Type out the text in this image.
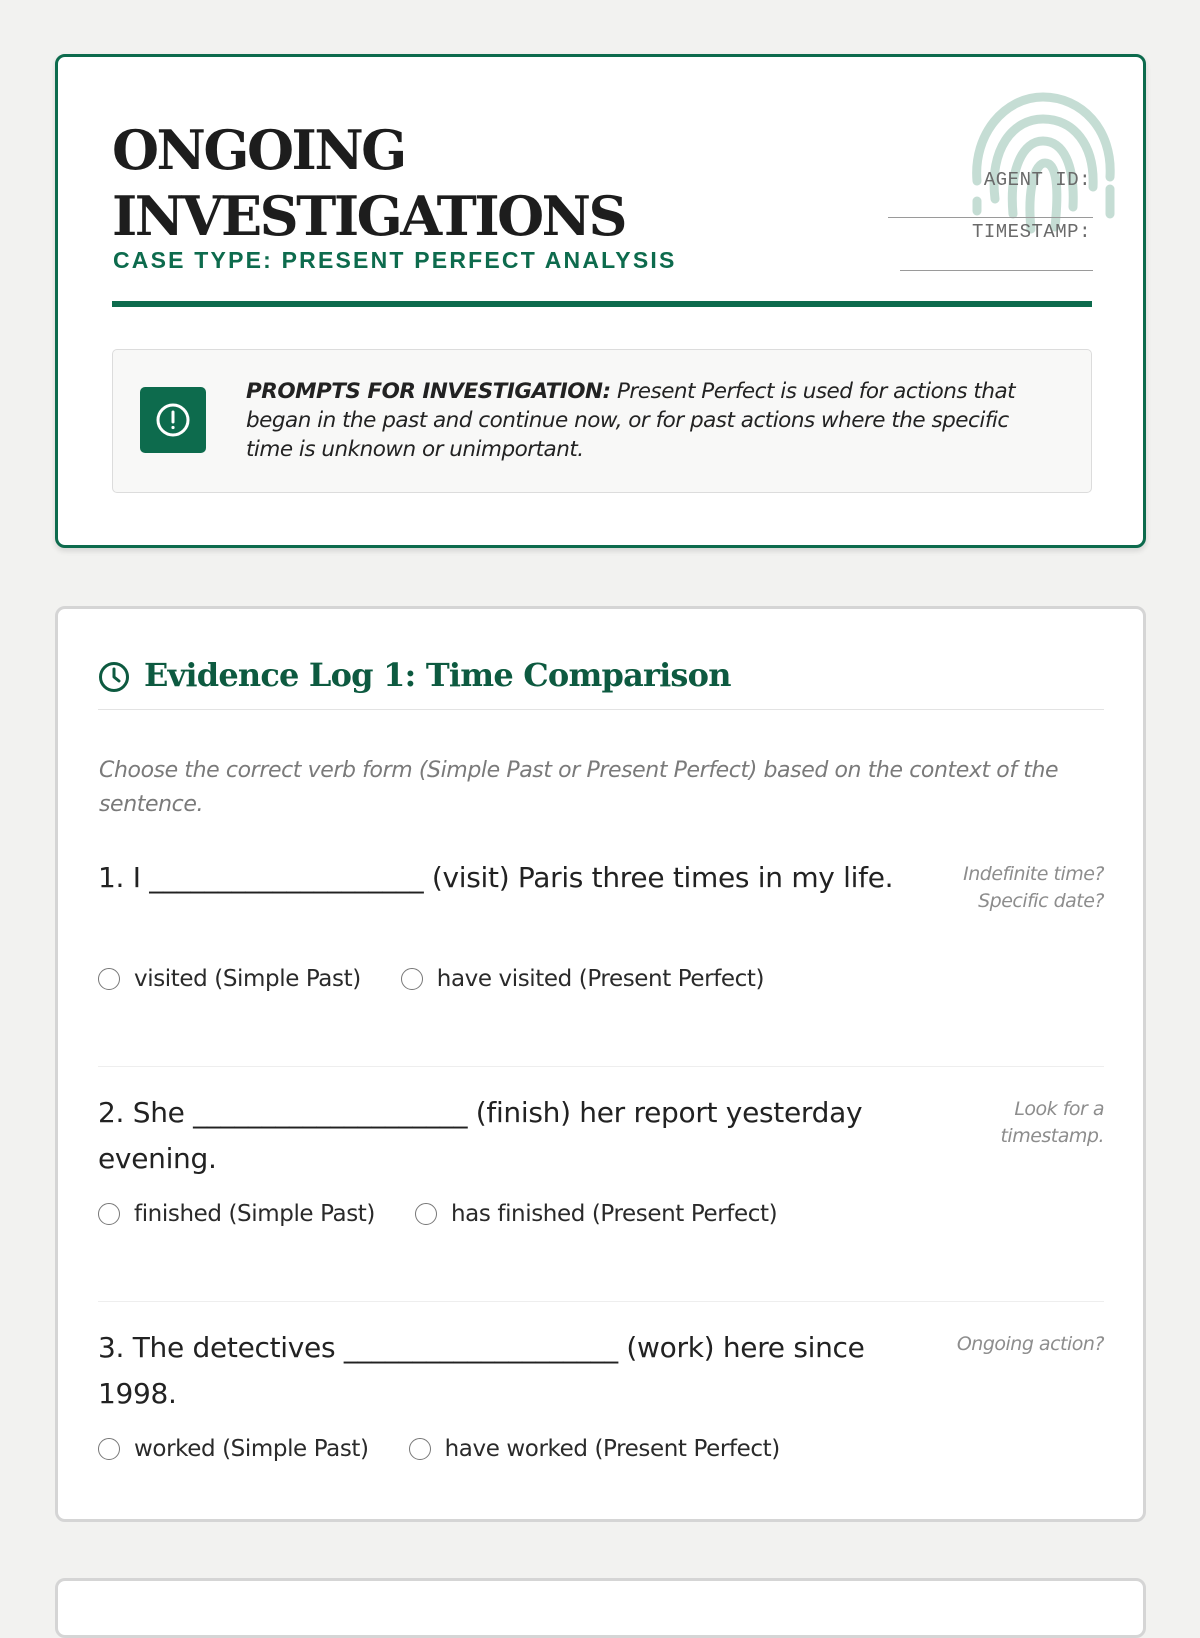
ONGOING INVESTIGATIONS
CASE TYPE: PRESENT PERFECT ANALYSIS
AGENT ID:
TIMESTAMP:
PROMPTS FOR INVESTIGATION: Present Perfect is used for actions that began in the past and continue now, or for past actions where the specific time is unknown or unimportant.
Evidence Log 1: Time Comparison

Choose the correct verb form (Simple Past or Present Perfect) based on the context of the sentence.

1. I ____________________ (visit) Paris three times in my life.	Indefinite time? Specific date?
visited (Simple Past)	have visited (Present Perfect)

2. She ____________________ (finish) her report yesterday evening.

Look for a timestamp.
finished (Simple Past)	has finished (Present Perfect)

3. The detectives ____________________ (work) here since 1998.

Ongoing action?
worked (Simple Past)	have worked (Present Perfect)
